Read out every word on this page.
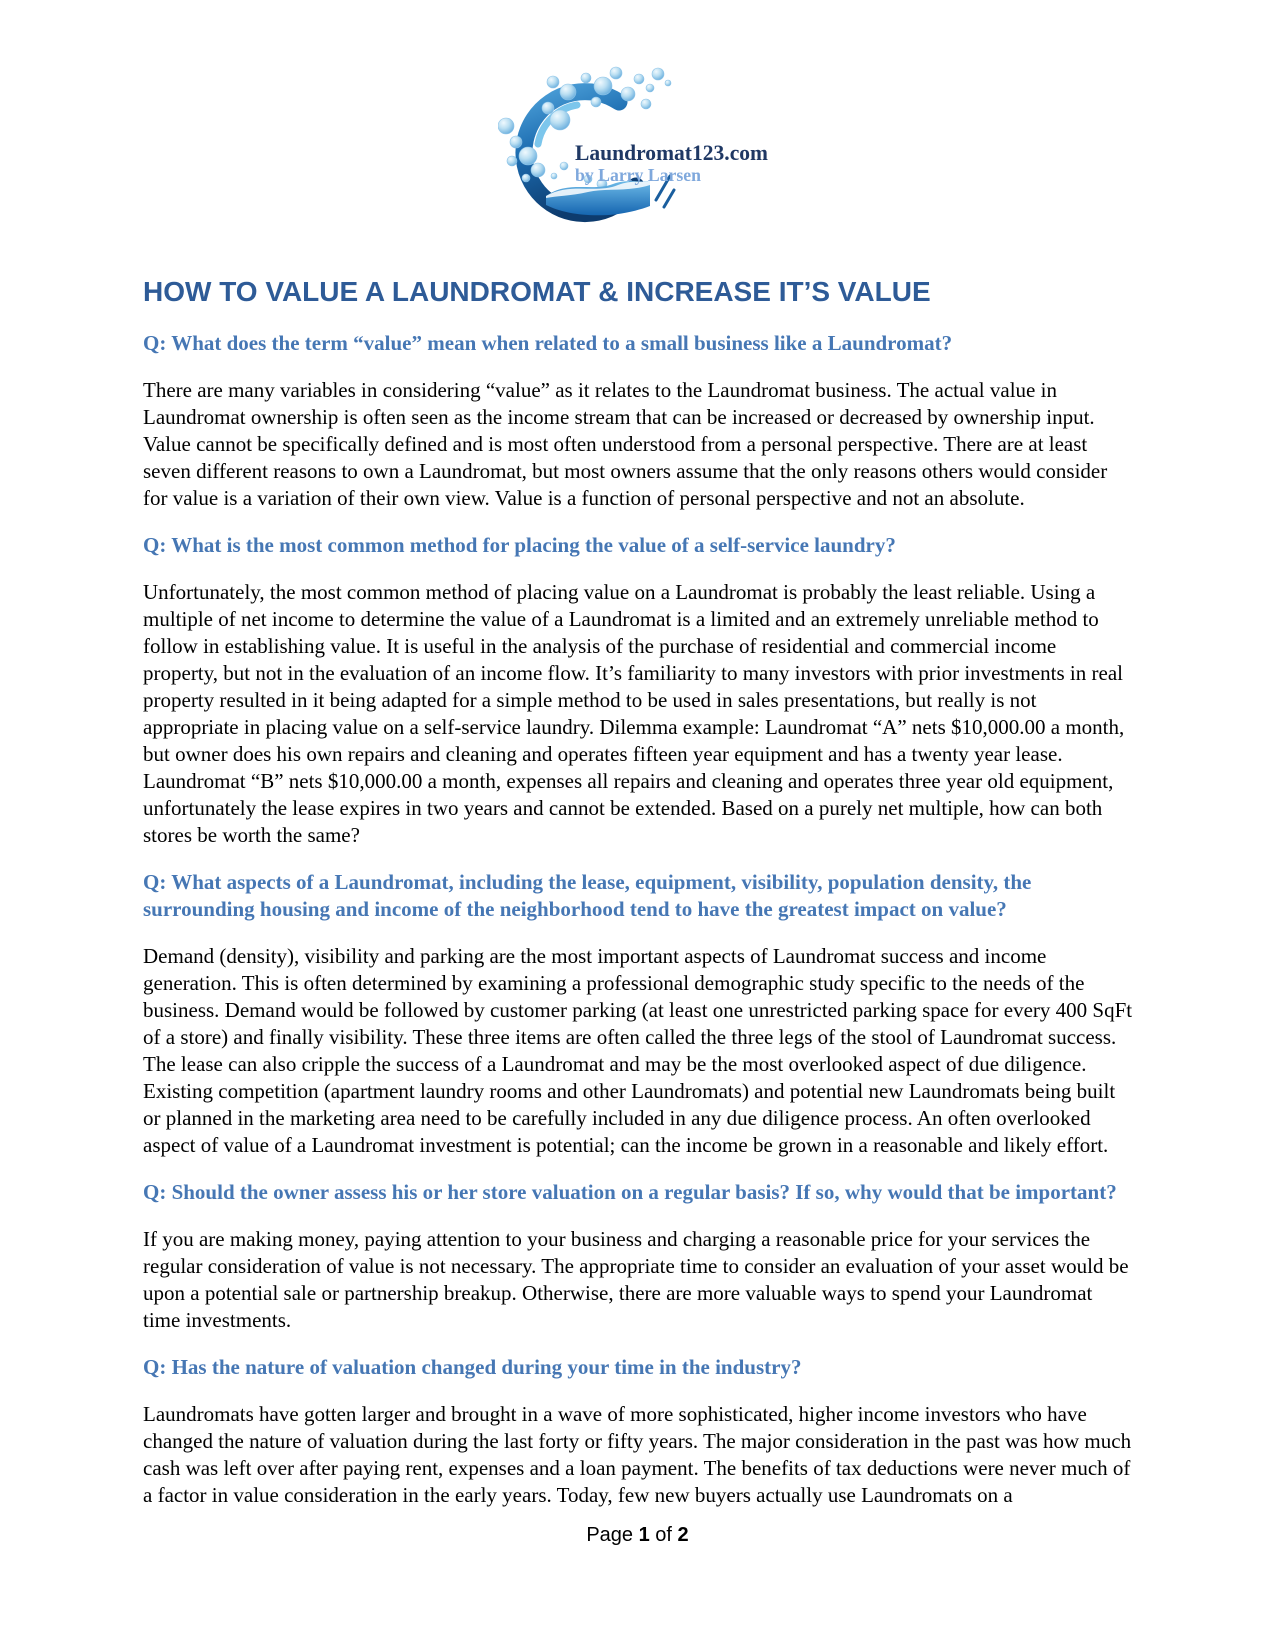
Laundromat123.com
by Larry Larsen
HOW TO VALUE A LAUNDROMAT & INCREASE IT’S VALUE
Q: What does the term “value” mean when related to a small business like a Laundromat?

There are many variables in considering “value” as it relates to the Laundromat business. The actual value in Laundromat ownership is often seen as the income stream that can be increased or decreased by ownership input. Value cannot be specifically defined and is most often understood from a personal perspective. There are at least seven different reasons to own a Laundromat, but most owners assume that the only reasons others would consider for value is a variation of their own view. Value is a function of personal perspective and not an absolute.

Q: What is the most common method for placing the value of a self-service laundry?

Unfortunately, the most common method of placing value on a Laundromat is probably the least reliable. Using a multiple of net income to determine the value of a Laundromat is a limited and an extremely unreliable method to follow in establishing value. It is useful in the analysis of the purchase of residential and commercial income property, but not in the evaluation of an income flow. It’s familiarity to many investors with prior investments in real property resulted in it being adapted for a simple method to be used in sales presentations, but really is not appropriate in placing value on a self-service laundry. Dilemma example: Laundromat “A” nets $10,000.00 a month, but owner does his own repairs and cleaning and operates fifteen year equipment and has a twenty year lease. Laundromat “B” nets $10,000.00 a month, expenses all repairs and cleaning and operates three year old equipment, unfortunately the lease expires in two years and cannot be extended. Based on a purely net multiple, how can both stores be worth the same?

Q: What aspects of a Laundromat, including the lease, equipment, visibility, population density, the surrounding housing and income of the neighborhood tend to have the greatest impact on value?

Demand (density), visibility and parking are the most important aspects of Laundromat success and income generation. This is often determined by examining a professional demographic study specific to the needs of the business. Demand would be followed by customer parking (at least one unrestricted parking space for every 400 SqFt of a store) and finally visibility. These three items are often called the three legs of the stool of Laundromat success. The lease can also cripple the success of a Laundromat and may be the most overlooked aspect of due diligence. Existing competition (apartment laundry rooms and other Laundromats) and potential new Laundromats being built or planned in the marketing area need to be carefully included in any due diligence process. An often overlooked aspect of value of a Laundromat investment is potential; can the income be grown in a reasonable and likely effort.

Q: Should the owner assess his or her store valuation on a regular basis? If so, why would that be important?

If you are making money, paying attention to your business and charging a reasonable price for your services the regular consideration of value is not necessary. The appropriate time to consider an evaluation of your asset would be upon a potential sale or partnership breakup. Otherwise, there are more valuable ways to spend your Laundromat time investments.

Q: Has the nature of valuation changed during your time in the industry?

Laundromats have gotten larger and brought in a wave of more sophisticated, higher income investors who have changed the nature of valuation during the last forty or fifty years. The major consideration in the past was how much cash was left over after paying rent, expenses and a loan payment. The benefits of tax deductions were never much of a factor in value consideration in the early years. Today, few new buyers actually use Laundromats on a

Page 1 of 2
